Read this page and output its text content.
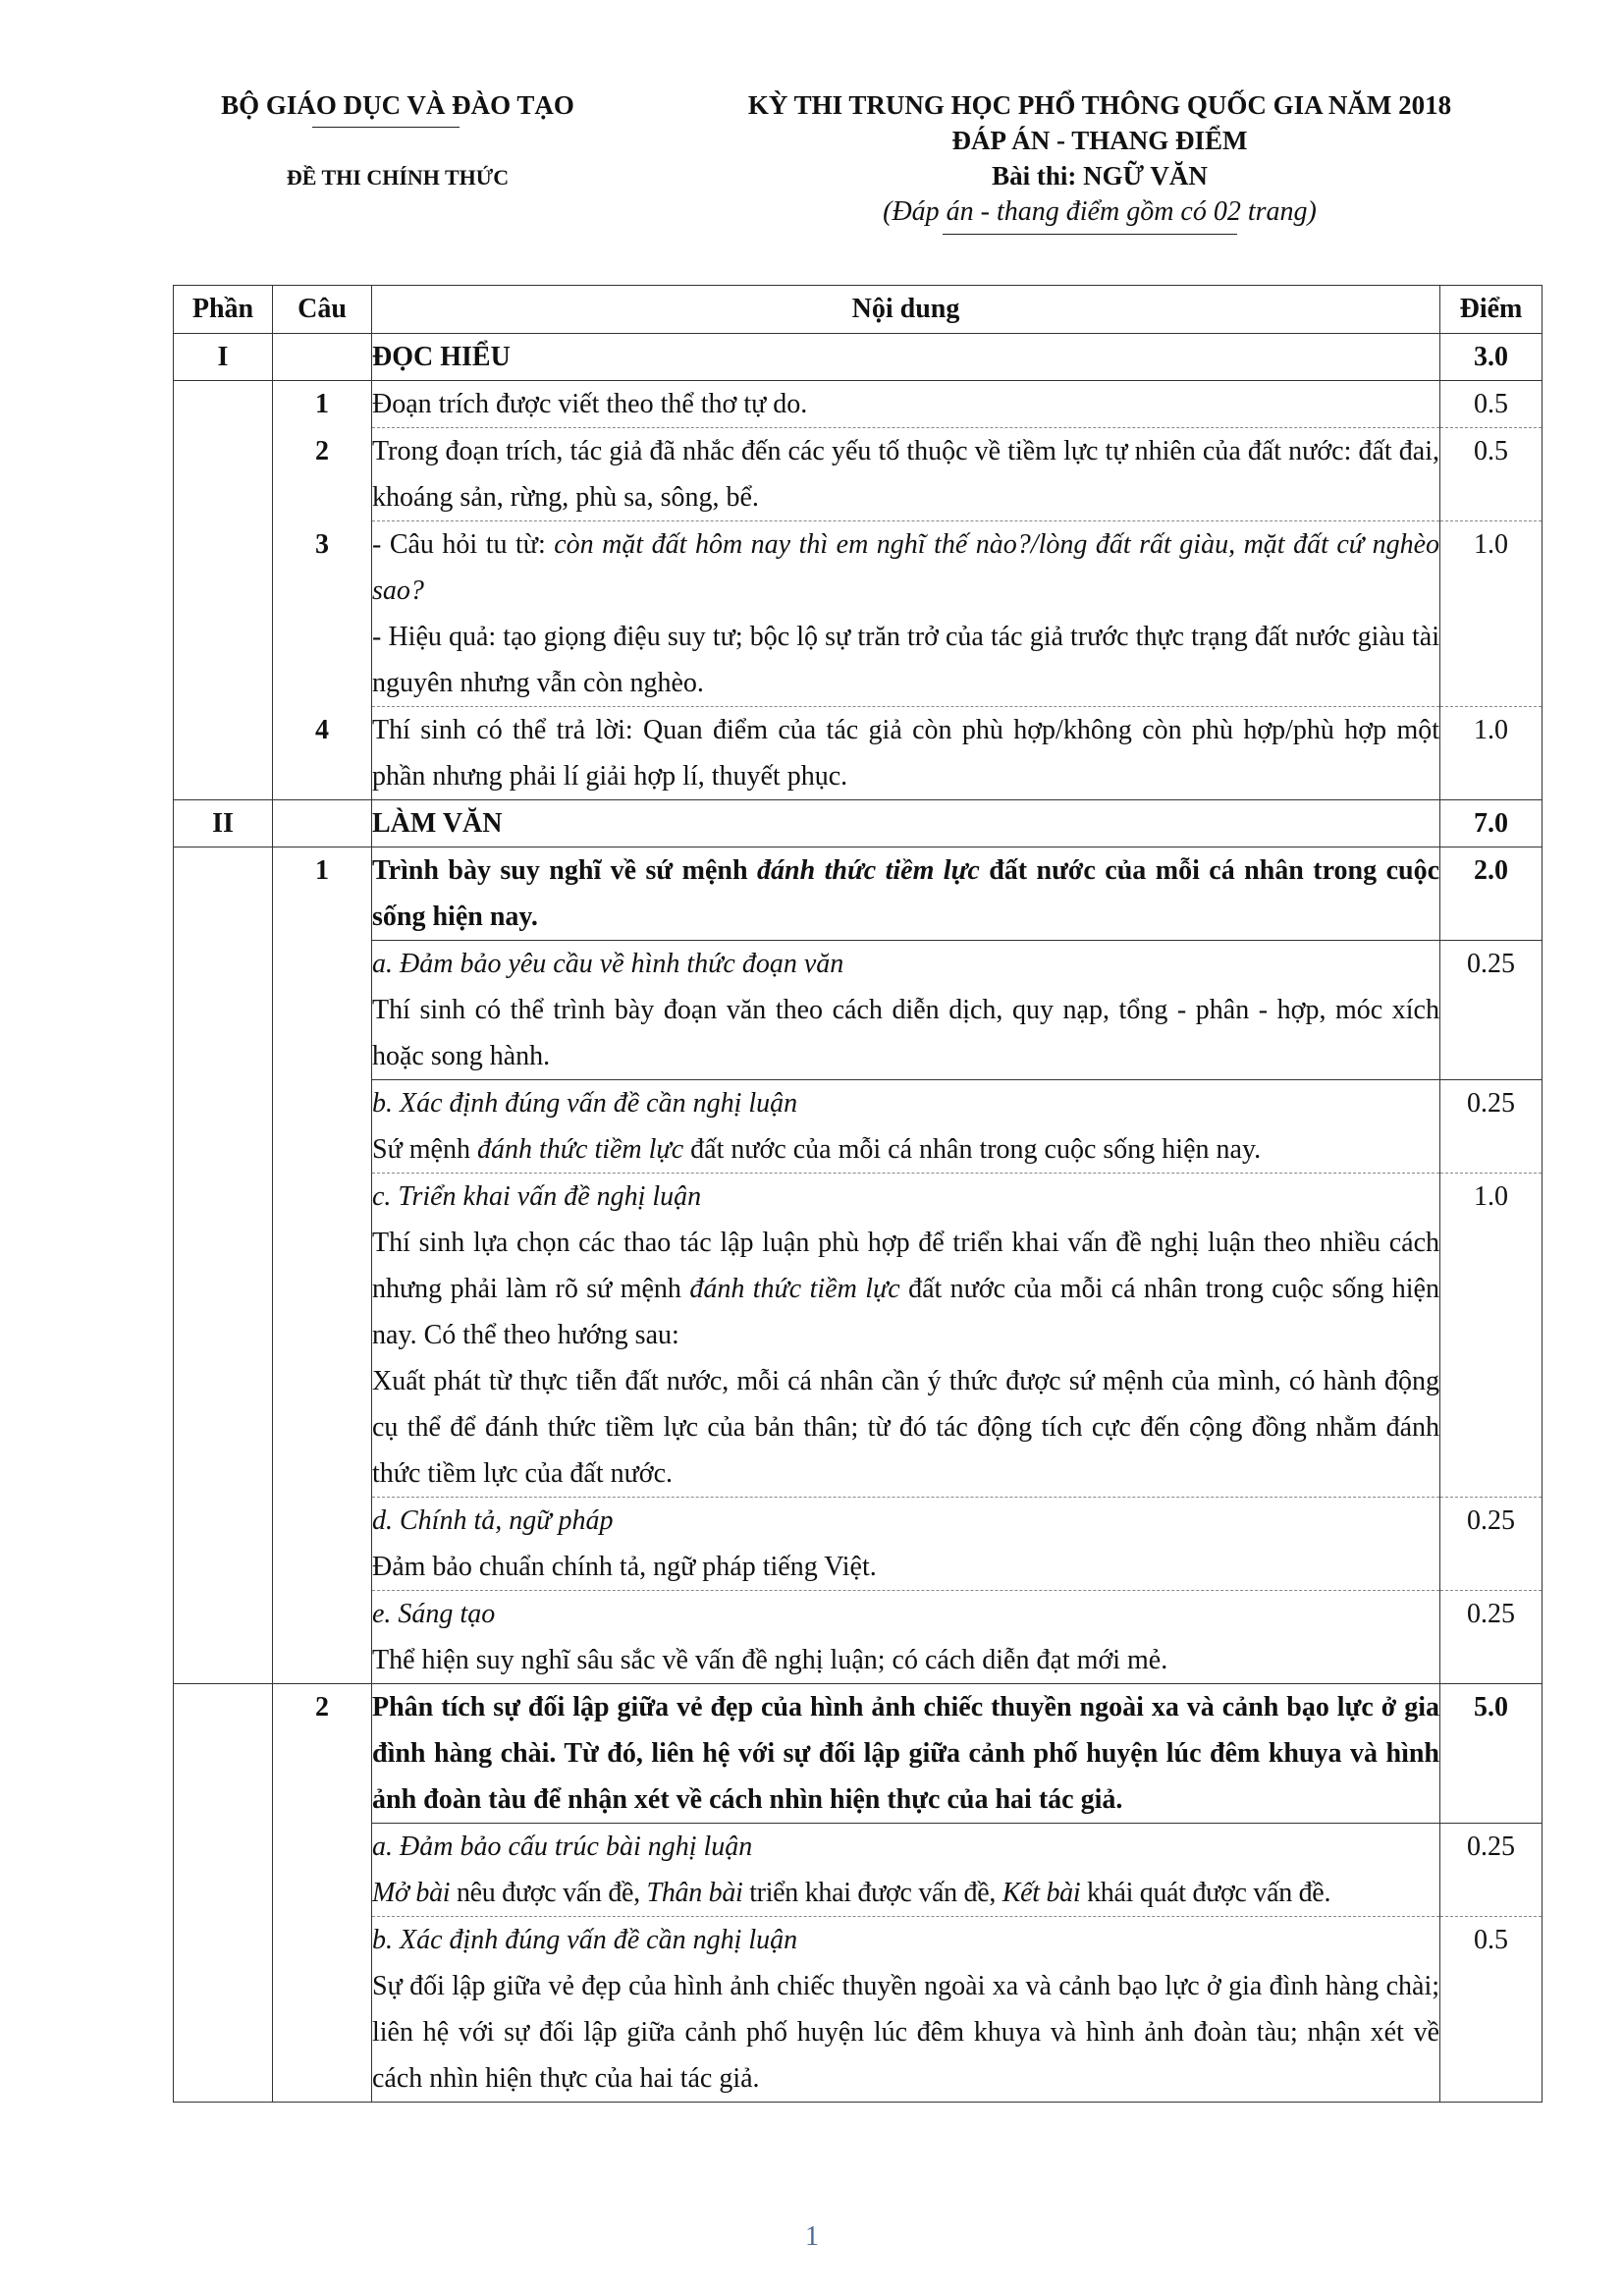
BỘ GIÁO DỤC VÀ ĐÀO TẠO
ĐỀ THI CHÍNH THỨC
KỲ THI TRUNG HỌC PHỔ THÔNG QUỐC GIA NĂM 2018
ĐÁP ÁN - THANG ĐIỂM
Bài thi: NGỮ VĂN
(Đáp án - thang điểm gồm có 02 trang)
Phần	Câu	Nội dung	Điểm
I		ĐỌC HIỂU	3.0
	1	Đoạn trích được viết theo thể thơ tự do.	0.5
	2	Trong đoạn trích, tác giả đã nhắc đến các yếu tố thuộc về tiềm lực tự nhiên của đất nước: đất đai, khoáng sản, rừng, phù sa, sông, bể.	0.5
	3	- Câu hỏi tu từ: còn mặt đất hôm nay thì em nghĩ thế nào?/lòng đất rất giàu, mặt đất cứ nghèo sao?
- Hiệu quả: tạo giọng điệu suy tư; bộc lộ sự trăn trở của tác giả trước thực trạng đất nước giàu tài nguyên nhưng vẫn còn nghèo.	1.0
	4	Thí sinh có thể trả lời: Quan điểm của tác giả còn phù hợp/không còn phù hợp/phù hợp một phần nhưng phải lí giải hợp lí, thuyết phục.	1.0
II		LÀM VĂN	7.0
	1	Trình bày suy nghĩ về sứ mệnh đánh thức tiềm lực đất nước của mỗi cá nhân trong cuộc sống hiện nay.	2.0

		a. Đảm bảo yêu cầu về hình thức đoạn văn
Thí sinh có thể trình bày đoạn văn theo cách diễn dịch, quy nạp, tổng - phân - hợp, móc xích hoặc song hành.	0.25

		b. Xác định đúng vấn đề cần nghị luận
Sứ mệnh đánh thức tiềm lực đất nước của mỗi cá nhân trong cuộc sống hiện nay.	0.25

		c. Triển khai vấn đề nghị luận
Thí sinh lựa chọn các thao tác lập luận phù hợp để triển khai vấn đề nghị luận theo nhiều cách nhưng phải làm rõ sứ mệnh đánh thức tiềm lực đất nước của mỗi cá nhân trong cuộc sống hiện nay. Có thể theo hướng sau:
Xuất phát từ thực tiễn đất nước, mỗi cá nhân cần ý thức được sứ mệnh của mình, có hành động cụ thể để đánh thức tiềm lực của bản thân; từ đó tác động tích cực đến cộng đồng nhằm đánh thức tiềm lực của đất nước.	1.0

		d. Chính tả, ngữ pháp
Đảm bảo chuẩn chính tả, ngữ pháp tiếng Việt.	0.25

		e. Sáng tạo
Thể hiện suy nghĩ sâu sắc về vấn đề nghị luận; có cách diễn đạt mới mẻ.	0.25
	2	Phân tích sự đối lập giữa vẻ đẹp của hình ảnh chiếc thuyền ngoài xa và cảnh bạo lực ở gia đình hàng chài. Từ đó, liên hệ với sự đối lập giữa cảnh phố huyện lúc đêm khuya và hình ảnh đoàn tàu để nhận xét về cách nhìn hiện thực của hai tác giả.	5.0

		a. Đảm bảo cấu trúc bài nghị luận
Mở bài nêu được vấn đề, Thân bài triển khai được vấn đề, Kết bài khái quát được vấn đề.	0.25

		b. Xác định đúng vấn đề cần nghị luận
Sự đối lập giữa vẻ đẹp của hình ảnh chiếc thuyền ngoài xa và cảnh bạo lực ở gia đình hàng chài; liên hệ với sự đối lập giữa cảnh phố huyện lúc đêm khuya và hình ảnh đoàn tàu; nhận xét về cách nhìn hiện thực của hai tác giả.	0.5
1
